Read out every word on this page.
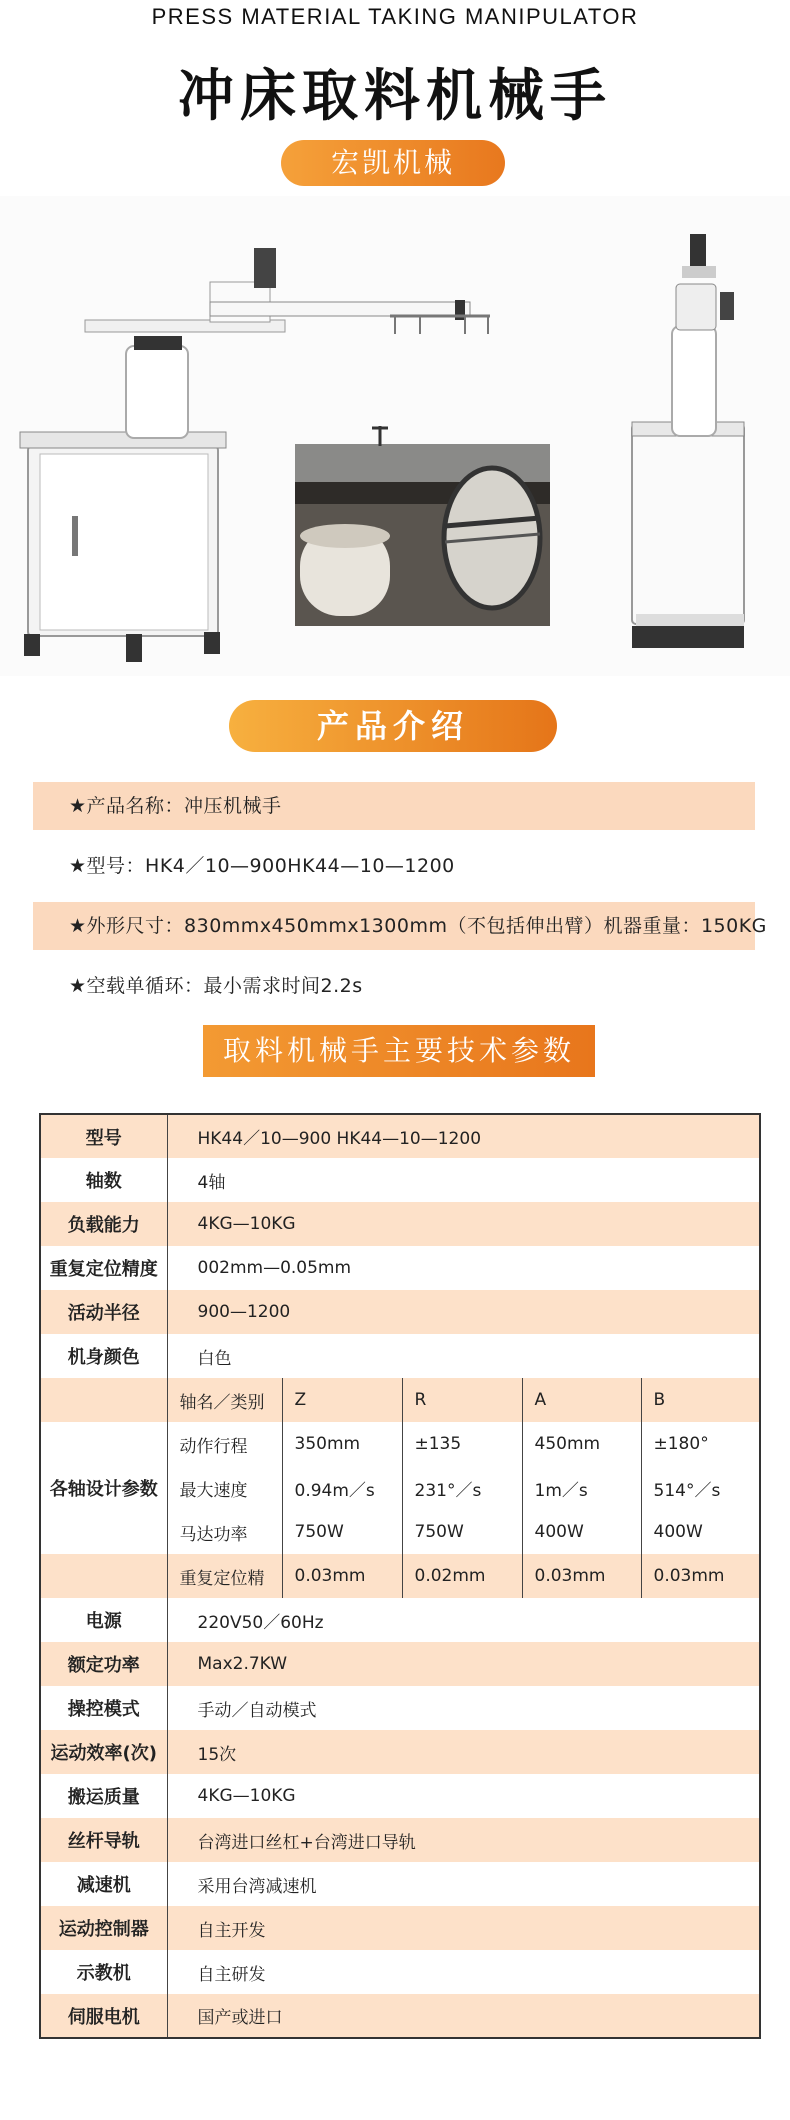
PRESS MATERIAL TAKING MANIPULATOR
冲床取料机械手
宏凯机械
产品介绍
★产品名称：冲压机械手
★型号：HK4／10—900HK44—10—1200
★外形尺寸：830mmx450mmx1300mm（不包括伸出臂）机器重量：150KG
★空载单循环：最小需求时间2.2s
取料机械手主要技术参数
型号	HK44／10—900 HK44—10—1200				
轴数	4轴				
负载能力	4KG—10KG				
重复定位精度	002mm—0.05mm				
活动半径	900—1200				
机身颜色	白色				
	轴名／类别	Z	R	A	B
各轴设计参数	动作行程	350mm	±135	450mm	±180°
	最大速度	0.94m／s	231°／s	1m／s	514°／s
	马达功率	750W	750W	400W	400W
	重复定位精	0.03mm	0.02mm	0.03mm	0.03mm
电源	220V50／60Hz				
额定功率	Max2.7KW				
操控模式	手动／自动模式				
运动效率(次)	15次				
搬运质量	4KG—10KG				
丝杆导轨	台湾进口丝杠+台湾进口导轨				
减速机	采用台湾减速机				
运动控制器	自主开发				
示教机	自主研发				
伺服电机	国产或进口				
